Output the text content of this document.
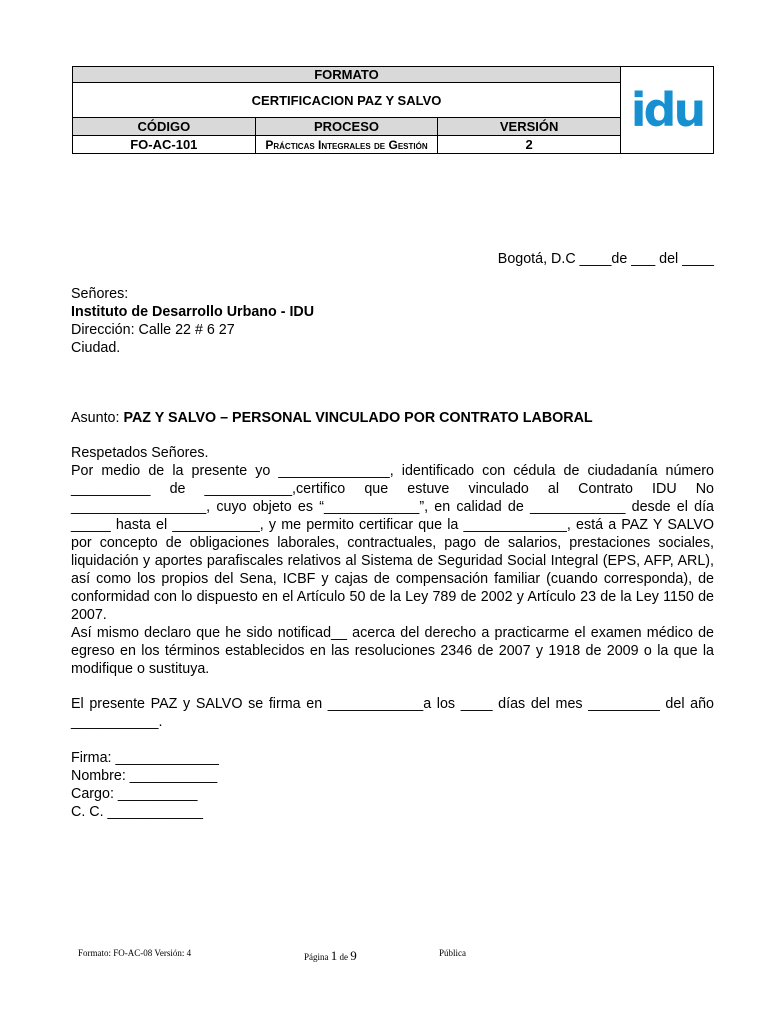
FORMATO			idu
CERTIFICACION PAZ Y SALVO			
CÓDIGO	PROCESO	VERSIÓN	
FO-AC-101	Prácticas Integrales de Gestión	2	
Bogotá, D.C ____de ___ del ____
Señores:
Instituto de Desarrollo Urbano - IDU
Dirección: Calle 22 # 6 27
Ciudad.
Asunto: PAZ Y SALVO – PERSONAL VINCULADO POR CONTRATO LABORAL
Respetados Señores.
Por medio de la presente yo ______________, identificado con cédula de ciudadanía número __________ de ___________,certifico que estuve vinculado al Contrato IDU No _________________, cuyo objeto es “____________”, en calidad de ____________ desde el día _____ hasta el ___________, y me permito certificar que la _____________, está a PAZ Y SALVO por concepto de obligaciones laborales, contractuales, pago de salarios, prestaciones sociales, liquidación y aportes parafiscales relativos al Sistema de Seguridad Social Integral (EPS, AFP, ARL), así como los propios del Sena, ICBF y cajas de compensación familiar (cuando corresponda), de conformidad con lo dispuesto en el Artículo 50 de la Ley 789 de 2002 y Artículo 23 de la Ley 1150 de 2007.
Así mismo declaro que he sido notificad__ acerca del derecho a practicarme el examen médico de egreso en los términos establecidos en las resoluciones 2346 de 2007 y 1918 de 2009 o la que la modifique o sustituya.
El presente PAZ y SALVO se firma en ____________a los ____ días del mes _________ del año ___________.
Firma: _____________
Nombre: ___________
Cargo: __________
C. C. ____________
Formato: FO-AC-08 Versión: 4	Página 1 de 9	Pública
